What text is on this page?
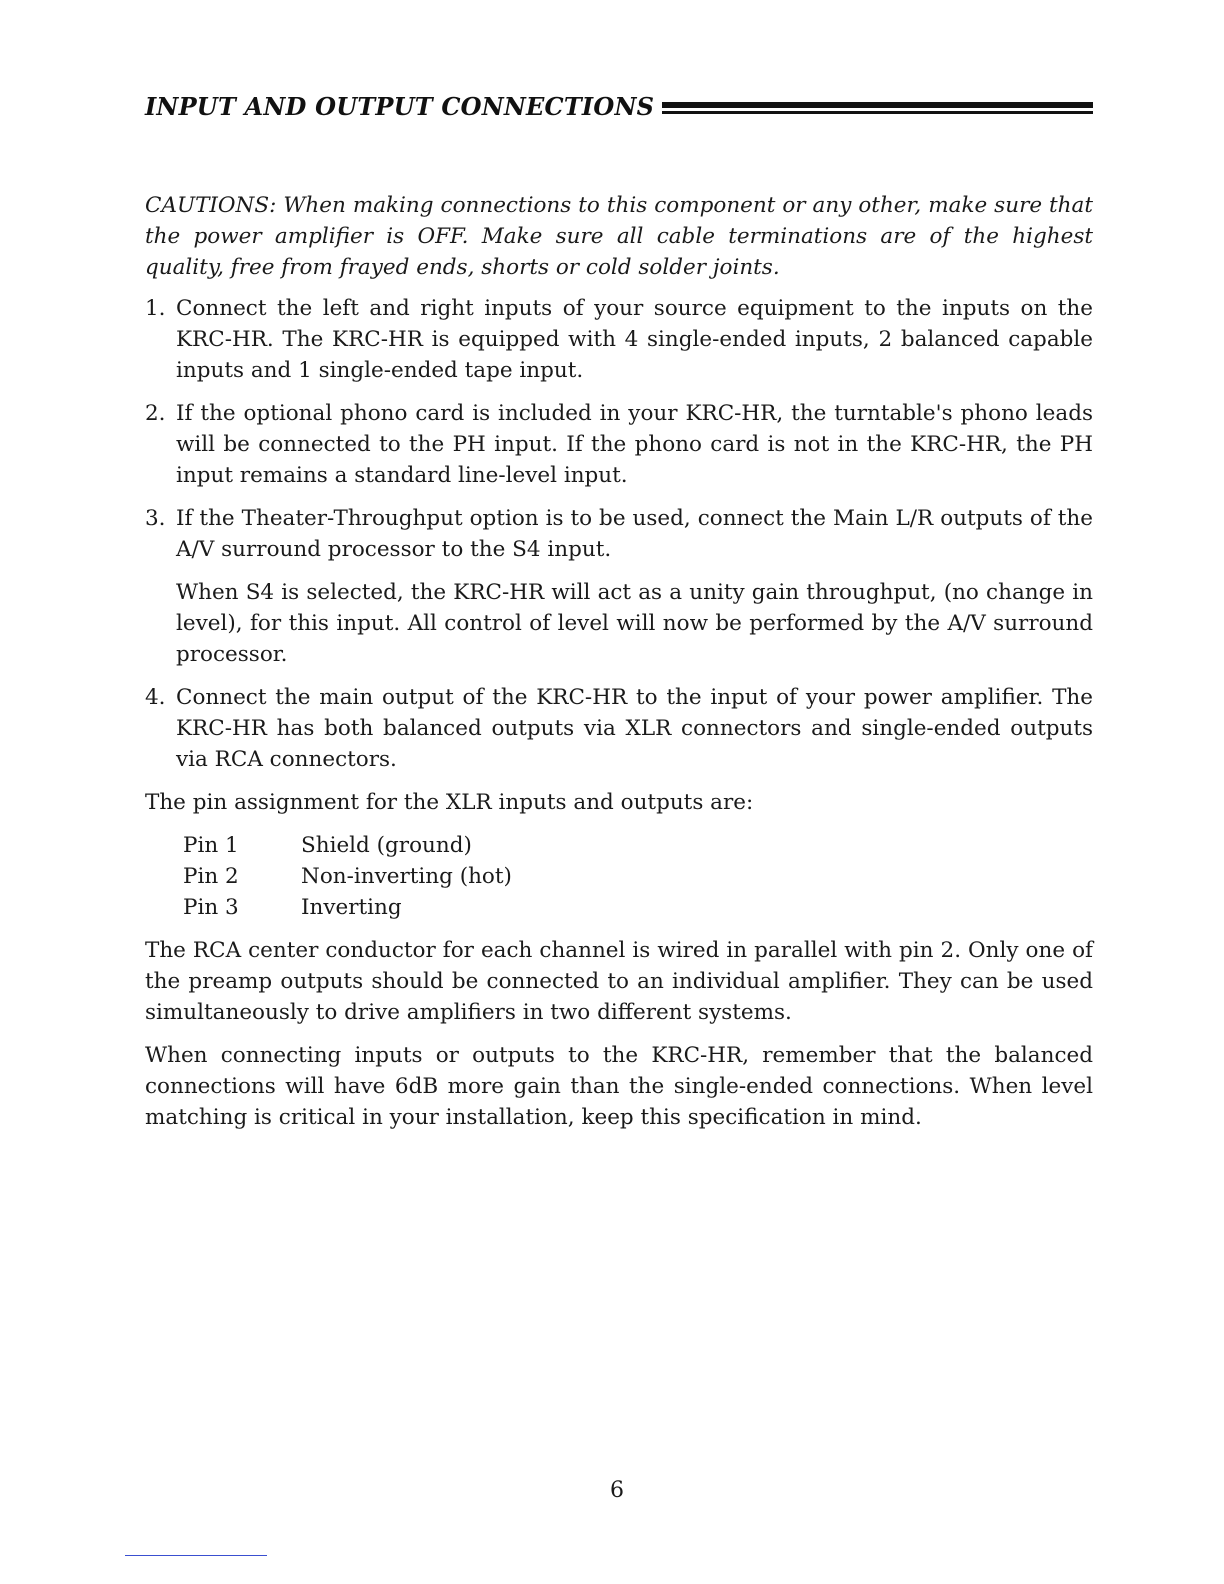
INPUT AND OUTPUT CONNECTIONS

CAUTIONS: When making connections to this component or any other, make sure that the power amplifier is OFF. Make sure all cable terminations are of the highest quality, free from frayed ends, shorts or cold solder joints.

1. Connect the left and right inputs of your source equipment to the inputs on the KRC-HR. The KRC-HR is equipped with 4 single-ended inputs, 2 balanced capable inputs and 1 single-ended tape input.

2. If the optional phono card is included in your KRC-HR, the turntable's phono leads will be connected to the PH input. If the phono card is not in the KRC-HR, the PH input remains a standard line-level input.

3. If the Theater-Throughput option is to be used, connect the Main L/R outputs of the A/V surround processor to the S4 input.

When S4 is selected, the KRC-HR will act as a unity gain throughput, (no change in level), for this input. All control of level will now be performed by the A/V surround processor.

4. Connect the main output of the KRC-HR to the input of your power amplifier. The KRC-HR has both balanced outputs via XLR connectors and single-ended outputs via RCA connectors.

The pin assignment for the XLR inputs and outputs are:

Pin 1	Shield (ground)
Pin 2	Non-inverting (hot)
Pin 3	Inverting

The RCA center conductor for each channel is wired in parallel with pin 2. Only one of the preamp outputs should be connected to an individual amplifier. They can be used simultaneously to drive amplifiers in two different systems.

When connecting inputs or outputs to the KRC-HR, remember that the balanced connections will have 6dB more gain than the single-ended connections. When level matching is critical in your installation, keep this specification in mind.

6
